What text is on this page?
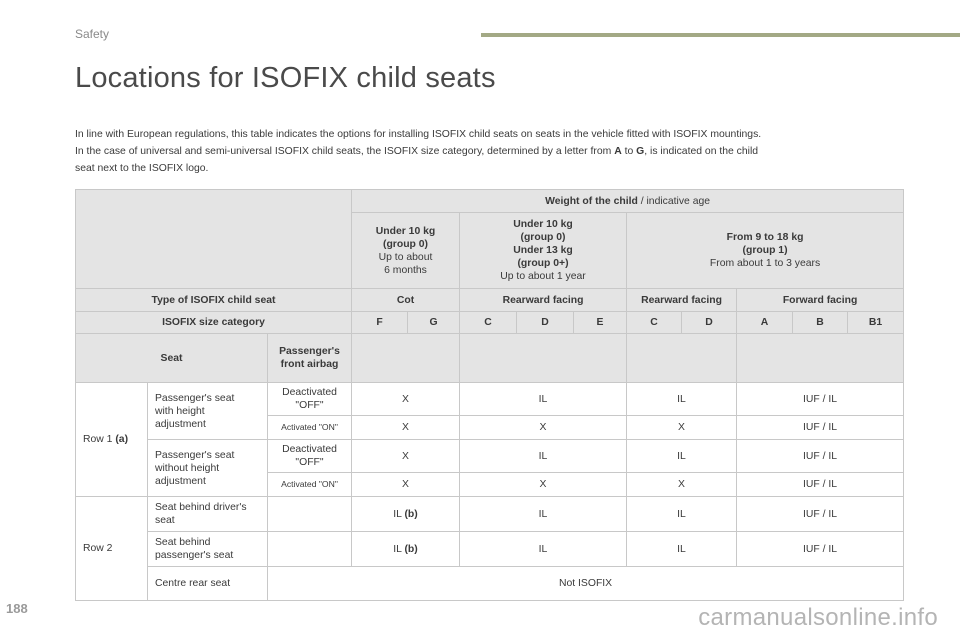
Safety
Locations for ISOFIX child seats
In line with European regulations, this table indicates the options for installing ISOFIX child seats on seats in the vehicle fitted with ISOFIX mountings.
In the case of universal and semi-universal ISOFIX child seats, the ISOFIX size category, determined by a letter from A to G, is indicated on the child
seat next to the ISOFIX logo.
			Weight of the child / indicative age									
			Under 10 kg
(group 0)
Up to about
6 months		Under 10 kg
(group 0)
Under 13 kg
(group 0+)
Up to about 1 year			From 9 to 18 kg
(group 1)
From about 1 to 3 years				
Type of ISOFIX child seat			Cot		Rearward facing			Rearward facing		Forward facing		
ISOFIX size category			F	G	C	D	E	C	D	A	B	B1
Seat		Passenger's
front airbag										
Row 1 (a)	Passenger's seat
with height
adjustment	Deactivated
"OFF"	X		IL			IL		IUF / IL		
		Activated "ON"	X		X			X		IUF / IL		
	Passenger's seat
without height
adjustment	Deactivated
"OFF"	X		IL			IL		IUF / IL		
		Activated "ON"	X		X			X		IUF / IL		
Row 2	Seat behind driver's
seat		IL (b)		IL			IL		IUF / IL		
	Seat behind
passenger's seat		IL (b)		IL			IL		IUF / IL		
	Centre rear seat	Not ISOFIX										
188	carmanualsonline.info
